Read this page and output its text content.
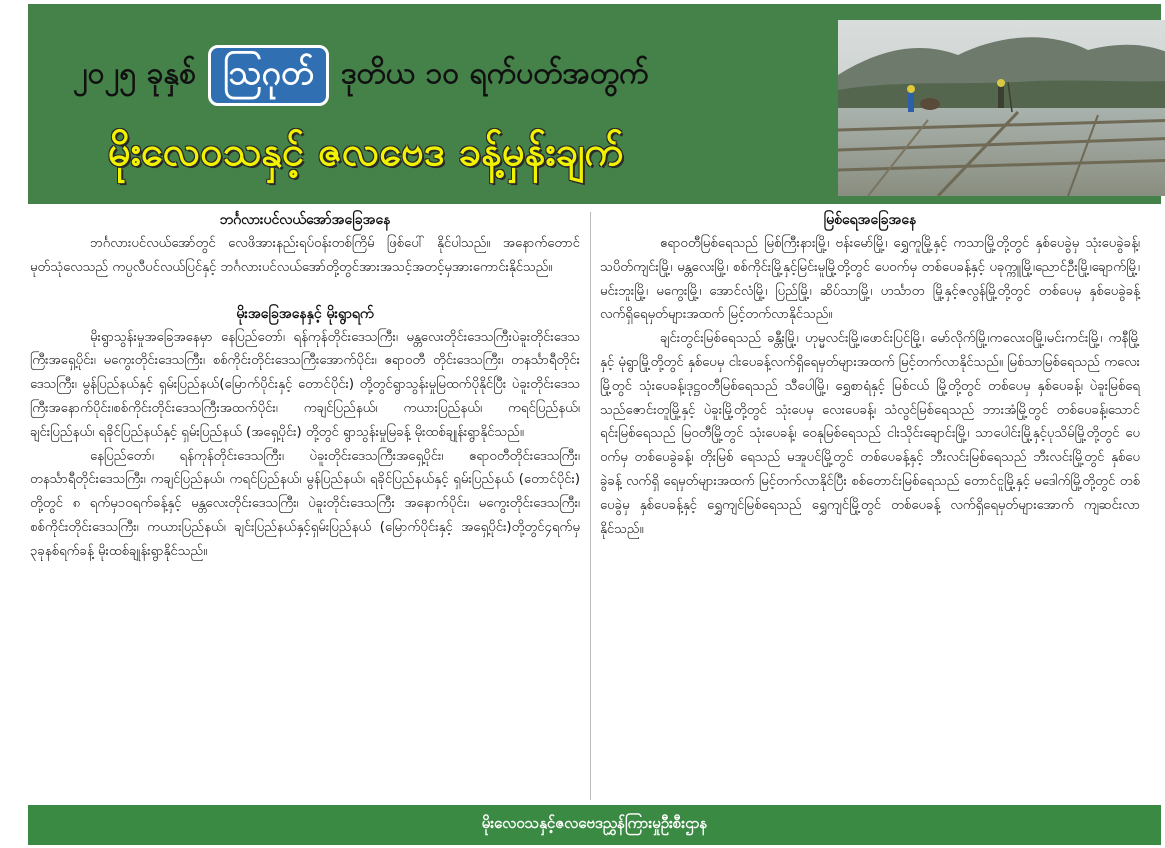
၂၀၂၅ ခုနှစ် ဩဂုတ် ဒုတိယ ၁၀ ရက်ပတ်အတွက်
မိုးလေဝသနှင့် ဇလဗေဒ ခန့်မှန်းချက်
ဘင်္ဂလားပင်လယ်အော်အခြေအနေ

ဘင်္ဂလားပင်လယ်အော်တွင် လေဖိအားနည်းရပ်ဝန်းတစ်ကြိမ် ဖြစ်ပေါ် နိုင်ပါသည်။ အနောက်တောင်မုတ်သုံလေသည် ကပ္ပလီပင်လယ်ပြင်နှင့် ဘင်္ဂလားပင်လယ်အော်တို့တွင်အားအသင့်အတင့်မှအားကောင်းနိုင်သည်။

မိုးအခြေအနေနှင့် မိုးရွာရက်

မိုးရွာသွန်းမှုအခြေအနေမှာ နေပြည်တော်၊ ရန်ကုန်တိုင်းဒေသကြီး၊ မန္တလေးတိုင်းဒေသကြီးပဲခူးတိုင်းဒေသကြီးအရှေ့ပိုင်း၊ မကွေးတိုင်းဒေသကြီး၊ စစ်ကိုင်းတိုင်းဒေသကြီးအောက်ပိုင်း၊ ဧရာဝတီ တိုင်းဒေသကြီး၊ တနင်္သာရီတိုင်းဒေသကြီး၊ မွန်ပြည်နယ်နှင့် ရှမ်းပြည်နယ်(မြောက်ပိုင်းနှင့် တောင်ပိုင်း) တို့တွင်ရွာသွန်းမှုမြထက်ပိုနိုင်ပြီး ပဲခူးတိုင်းဒေသကြီးအနောက်ပိုင်း၊စစ်ကိုင်းတိုင်းဒေသကြီးအထက်ပိုင်း၊ ကချင်ပြည်နယ်၊ ကယားပြည်နယ်၊ ကရင်ပြည်နယ်၊ ချင်းပြည်နယ်၊ ရခိုင်ပြည်နယ်နှင့် ရှမ်းပြည်နယ် (အရှေ့ပိုင်း) တို့တွင် ရွာသွန်းမှုမြခန့် မိုးထစ်ချုန်းရွာနိုင်သည်။

နေပြည်တော်၊ ရန်ကုန်တိုင်းဒေသကြီး၊ ပဲခူးတိုင်းဒေသကြီးအရှေ့ပိုင်း၊ ဧရာဝတီတိုင်းဒေသကြီး၊ တနင်္သာရီတိုင်းဒေသကြီး၊ ကချင်ပြည်နယ်၊ ကရင်ပြည်နယ်၊ မွန်ပြည်နယ်၊ ရခိုင်ပြည်နယ်နှင့် ရှမ်းပြည်နယ် (တောင်ပိုင်း) တို့တွင် ၈ ရက်မှ၁၀ရက်ခန့်နှင့် မန္တလေးတိုင်းဒေသကြီး၊ ပဲခူးတိုင်းဒေသကြီး အနောက်ပိုင်း၊ မကွေးတိုင်းဒေသကြီး၊ စစ်ကိုင်းတိုင်းဒေသကြီး၊ ကယားပြည်နယ်၊ ချင်းပြည်နယ်နှင့်ရှမ်းပြည်နယ် (မြောက်ပိုင်းနှင့် အရှေ့ပိုင်း)တို့တွင်၄ရက်မှ ၃ခုနစ်ရက်ခန့် မိုးထစ်ချုန်းရွာနိုင်သည်။

မြစ်ရေအခြေအနေ

ဧရာဝတီမြစ်ရေသည် မြစ်ကြီးနားမြို့၊ ဗန်းမော်မြို့၊ ရွှေကူမြို့နှင့် ကသာမြို့တို့တွင် နှစ်ပေခွဲမှ သုံးပေခွဲခန့်၊ သပိတ်ကျင်းမြို့၊ မန္တလေးမြို့၊ စစ်ကိုင်းမြို့နှင့်မြင်းမူမြို့တို့တွင် ပေဝက်မှ တစ်ပေခန့်နှင့် ပခုက္ကူမြို့၊ညောင်ဦးမြို့၊ချောက်မြို့၊ မင်းဘူးမြို့၊ မကွေးမြို့၊ အောင်လံမြို့၊ ပြည်မြို့၊ ဆိပ်သာမြို့၊ ဟင်္သာတ မြို့နှင့်ဇလွန်မြို့တို့တွင် တစ်ပေမှ နှစ်ပေခွဲခန့် လက်ရှိရေမှတ်များအထက် မြင့်တက်လာနိုင်သည်။

ချင်းတွင်းမြစ်ရေသည် ခန္တီးမြို့၊ ဟုမ္မလင်းမြို့၊ဖောင်းပြင်မြို့၊ မော်လိုက်မြို့၊ကလေးဝမြို့၊မင်းကင်းမြို့၊ ကနီမြို့နှင့် မုံရွာမြို့တို့တွင် နှစ်ပေမှ ငါးပေခန့်လက်ရှိရေမှတ်များအထက် မြင့်တက်လာနိုင်သည်။ မြစ်သာမြစ်ရေသည် ကလေးမြို့တွင် သုံးပေခန့်၊ဒုဋ္ဌဝတီမြစ်ရေသည် သီပေါမြို့၊ ရွှေစာရံနှင့် မြစ်ငယ် မြို့တို့တွင် တစ်ပေမှ နှစ်ပေခန့်၊ ပဲခူးမြစ်ရေသည်ဇောင်းတူမြို့နှင့် ပဲခူးမြို့တို့တွင် သုံးပေမှ လေးပေခန့်၊ သံလွင်မြစ်ရေသည် ဘားအံမြို့တွင် တစ်ပေခန့်၊သောင်ရင်းမြစ်ရေသည် မြဝတီမြို့တွင် သုံးပေခန့်၊ ဝေနုမြစ်ရေသည် ငါးသိုင်းချောင်းမြို့၊ သာပေါင်းမြို့နှင့်ပုသိမ်မြို့တို့တွင် ပေဝက်မှ တစ်ပေခွဲခန့်၊ တိုးမြစ် ရေသည် မအူပင်မြို့တွင် တစ်ပေခန့်နှင့် ဘီးလင်းမြစ်ရေသည် ဘီးလင်းမြို့တွင် နှစ်ပေခွဲခန့် လက်ရှိ ရေမှတ်များအထက် မြင့်တက်လာနိုင်ပြီး စစ်တောင်းမြစ်ရေသည် တောင်ငူမြို့နှင့် မဒေါက်မြို့တို့တွင် တစ်ပေခွဲမှ နှစ်ပေခန့်နှင့် ရွှေကျင်မြစ်ရေသည် ရွှေကျင်မြို့တွင် တစ်ပေခန့် လက်ရှိရေမှတ်များအောက် ကျဆင်းလာနိုင်သည်။

မိုးလေဝသနှင့်ဇလဗေဒညွှန်ကြားမှုဦးစီးဌာန
